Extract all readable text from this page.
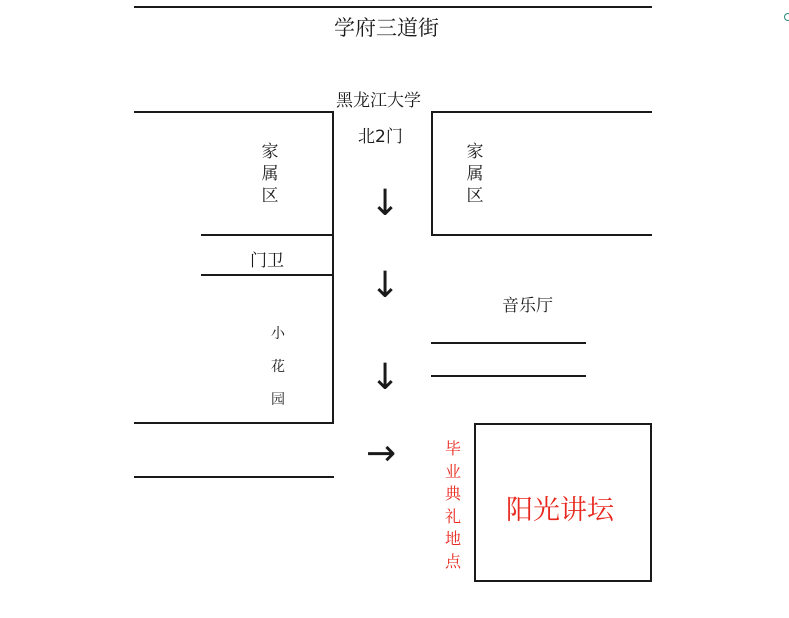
学府三道街
黑龙江大学
家
属
区
北2门
家
属
区
门卫
小
花
园
↓
↓
↓
→
音乐厅
毕
业
典
礼
地
点
阳光讲坛
